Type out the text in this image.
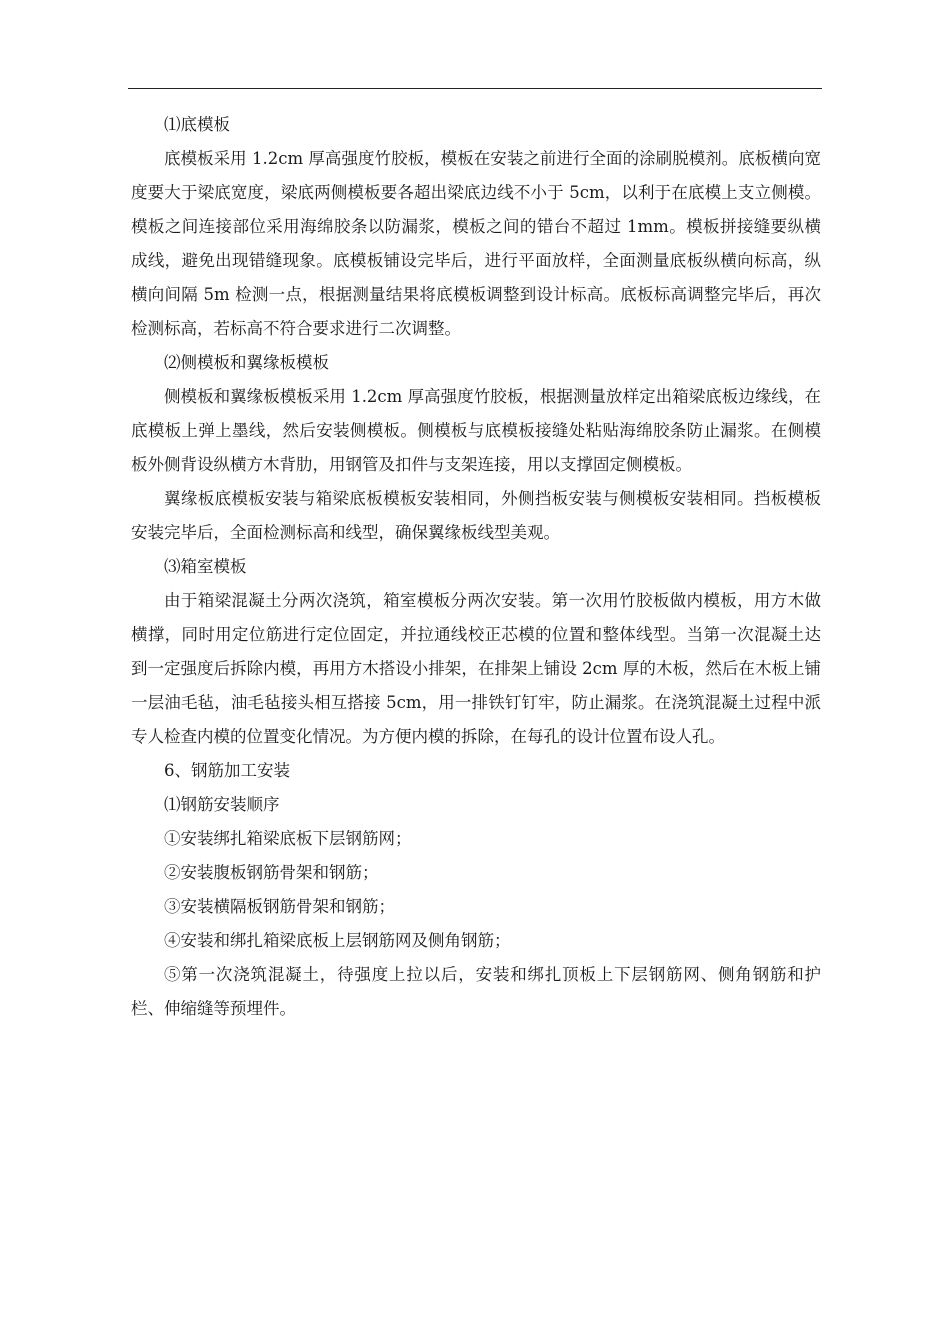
⑴底模板

底模板采用 1.2cm 厚高强度竹胶板，模板在安装之前进行全面的涂刷脱模剂。底板横向宽度要大于梁底宽度，梁底两侧模板要各超出梁底边线不小于 5cm，以利于在底模上支立侧模。模板之间连接部位采用海绵胶条以防漏浆，模板之间的错台不超过 1mm。模板拼接缝要纵横成线，避免出现错缝现象。底模板铺设完毕后，进行平面放样，全面测量底板纵横向标高，纵横向间隔 5m 检测一点，根据测量结果将底模板调整到设计标高。底板标高调整完毕后，再次检测标高，若标高不符合要求进行二次调整。

⑵侧模板和翼缘板模板

侧模板和翼缘板模板采用 1.2cm 厚高强度竹胶板，根据测量放样定出箱梁底板边缘线，在底模板上弹上墨线，然后安装侧模板。侧模板与底模板接缝处粘贴海绵胶条防止漏浆。在侧模板外侧背设纵横方木背肋，用钢管及扣件与支架连接，用以支撑固定侧模板。

翼缘板底模板安装与箱梁底板模板安装相同，外侧挡板安装与侧模板安装相同。挡板模板安装完毕后，全面检测标高和线型，确保翼缘板线型美观。

⑶箱室模板

由于箱梁混凝土分两次浇筑，箱室模板分两次安装。第一次用竹胶板做内模板，用方木做横撑，同时用定位筋进行定位固定，并拉通线校正芯模的位置和整体线型。当第一次混凝土达到一定强度后拆除内模，再用方木搭设小排架，在排架上铺设 2cm 厚的木板，然后在木板上铺一层油毛毡，油毛毡接头相互搭接 5cm，用一排铁钉钉牢，防止漏浆。在浇筑混凝土过程中派专人检查内模的位置变化情况。为方便内模的拆除，在每孔的设计位置布设人孔。

6、钢筋加工安装

⑴钢筋安装顺序

①安装绑扎箱梁底板下层钢筋网；

②安装腹板钢筋骨架和钢筋；

③安装横隔板钢筋骨架和钢筋；

④安装和绑扎箱梁底板上层钢筋网及侧角钢筋；

⑤第一次浇筑混凝土，待强度上拉以后，安装和绑扎顶板上下层钢筋网、侧角钢筋和护栏、伸缩缝等预埋件。
